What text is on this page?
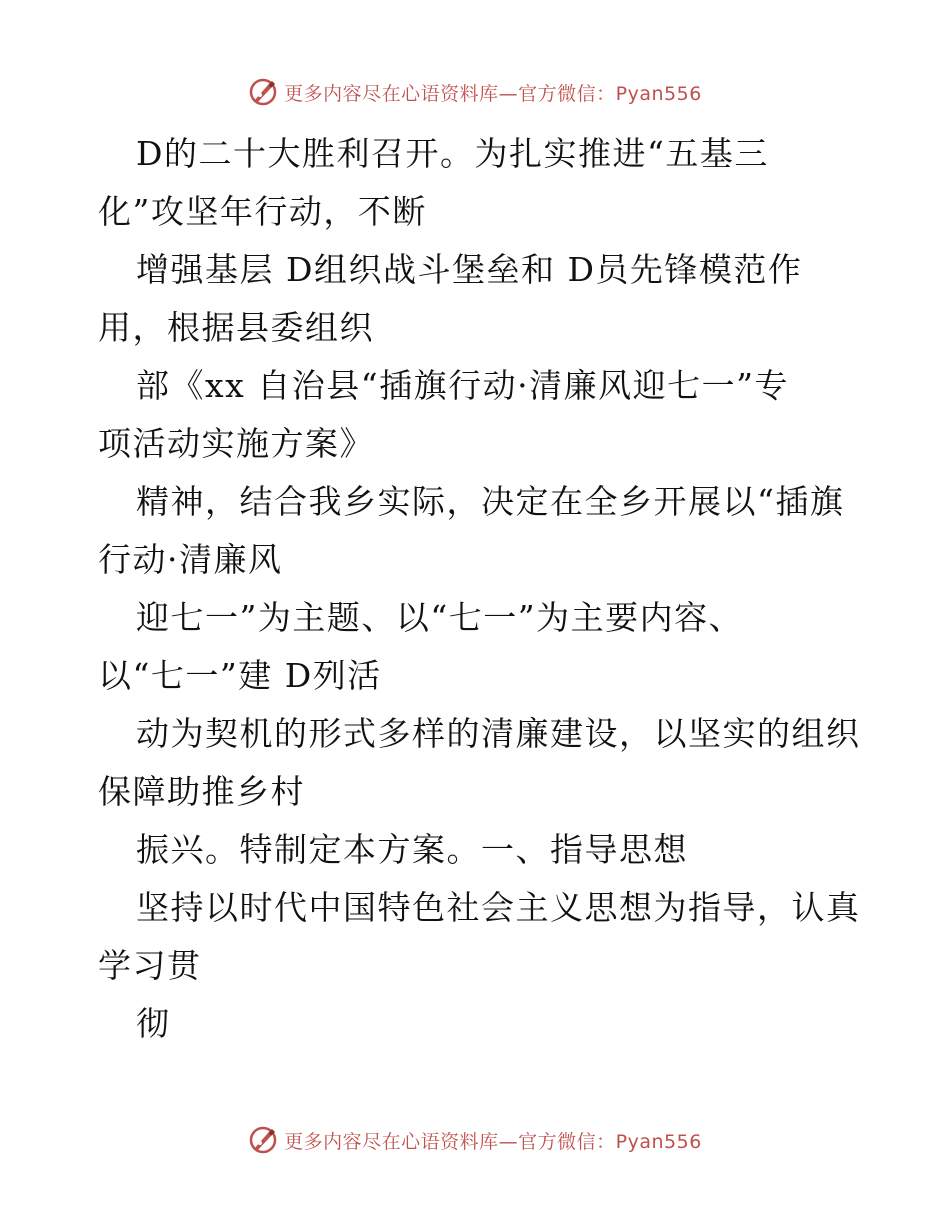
更多内容尽在心语资料库—官方微信：Pyan556
D的二十大胜利召开。为扎实推进“五基三
化”攻坚年行动，不断
增强基层 D组织战斗堡垒和 D员先锋模范作
用，根据县委组织
部《xx 自治县“插旗行动·清廉风迎七一”专
项活动实施方案》
精神，结合我乡实际，决定在全乡开展以“插旗
行动·清廉风
迎七一”为主题、以“七一”为主要内容、
以“七一”建 D列活
动为契机的形式多样的清廉建设，以坚实的组织
保障助推乡村
振兴。特制定本方案。一、指导思想
坚持以时代中国特色社会主义思想为指导，认真
学习贯
彻
更多内容尽在心语资料库—官方微信：Pyan556
